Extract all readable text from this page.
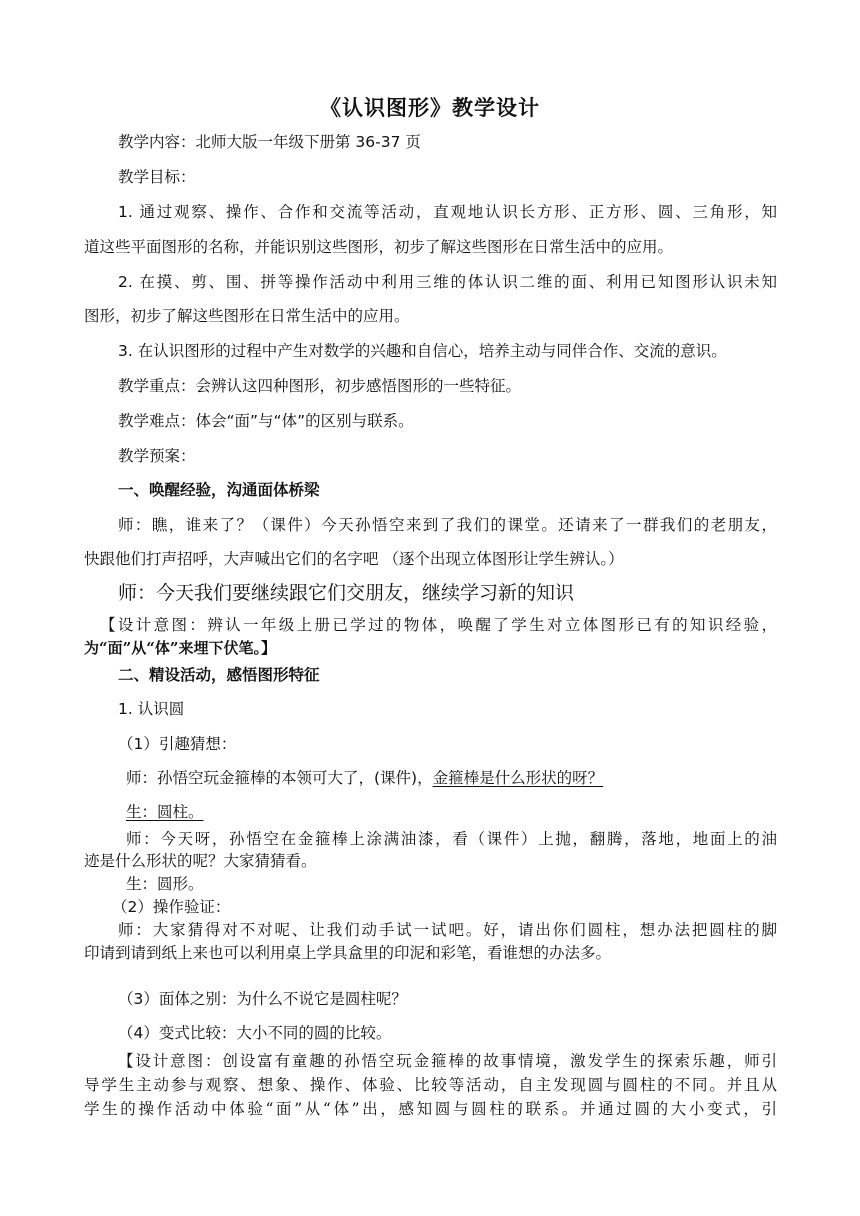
《认识图形》教学设计
教学内容：北师大版一年级下册第 36-37 页
教学目标：
1. 通过观察、操作、合作和交流等活动，直观地认识长方形、正方形、圆、三角形，知
道这些平面图形的名称，并能识别这些图形，初步了解这些图形在日常生活中的应用。
2. 在摸、剪、围、拼等操作活动中利用三维的体认识二维的面、利用已知图形认识未知
图形，初步了解这些图形在日常生活中的应用。
3. 在认识图形的过程中产生对数学的兴趣和自信心，培养主动与同伴合作、交流的意识。
教学重点：会辨认这四种图形，初步感悟图形的一些特征。
教学难点：体会“面”与“体”的区别与联系。
教学预案：
一、唤醒经验，沟通面体桥梁
师：瞧，谁来了？（课件）今天孙悟空来到了我们的课堂。还请来了一群我们的老朋友，
快跟他们打声招呼，大声喊出它们的名字吧 （逐个出现立体图形让学生辨认。）
师：今天我们要继续跟它们交朋友，继续学习新的知识
【设计意图：辨认一年级上册已学过的物体，唤醒了学生对立体图形已有的知识经验，
为“面”从“体”来埋下伏笔。】
二、精设活动，感悟图形特征
1. 认识圆
（1）引趣猜想：
师：孙悟空玩金箍棒的本领可大了，(课件)，金箍棒是什么形状的呀？
生：圆柱。
师：今天呀，孙悟空在金箍棒上涂满油漆，看（课件）上抛，翻腾，落地，地面上的油
迹是什么形状的呢？大家猜猜看。
生：圆形。
（2）操作验证：
师：大家猜得对不对呢、让我们动手试一试吧。好，请出你们圆柱，想办法把圆柱的脚
印请到请到纸上来也可以利用桌上学具盒里的印泥和彩笔，看谁想的办法多。
（3）面体之别：为什么不说它是圆柱呢？
（4）变式比较：大小不同的圆的比较。
【设计意图：创设富有童趣的孙悟空玩金箍棒的故事情境，激发学生的探索乐趣，师引
导学生主动参与观察、想象、操作、体验、比较等活动，自主发现圆与圆柱的不同。并且从
学生的操作活动中体验“面”从“体”出，感知圆与圆柱的联系。并通过圆的大小变式，引
